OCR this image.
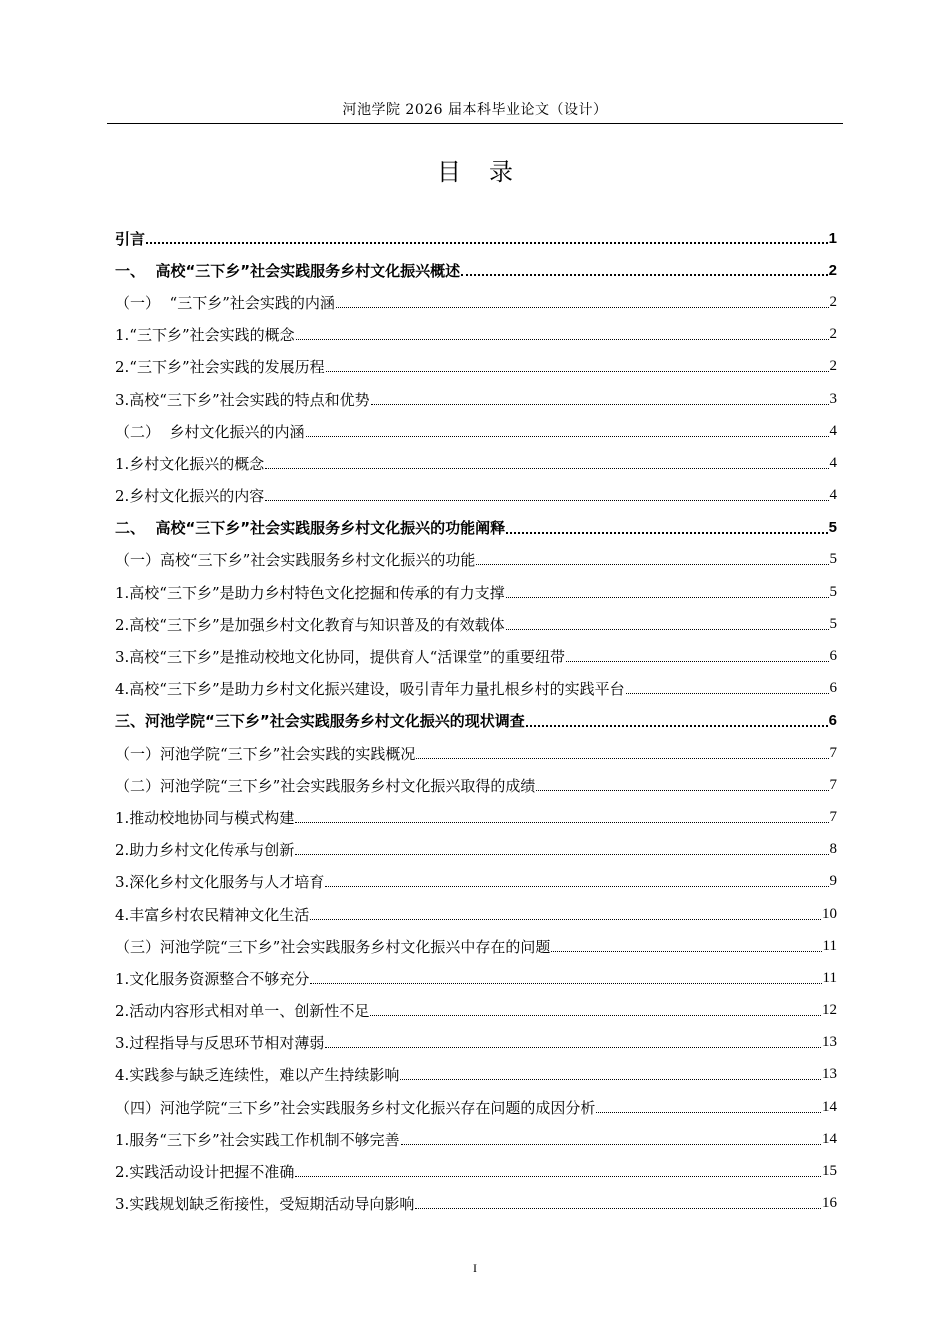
河池学院 2026 届本科毕业论文（设计）
目录
引言	1
一、  高校“三下乡”社会实践服务乡村文化振兴概述	2
（一）  “三下乡”社会实践的内涵	2
1.“三下乡”社会实践的概念	2
2.“三下乡”社会实践的发展历程	2
3.高校“三下乡”社会实践的特点和优势	3
（二）  乡村文化振兴的内涵	4
1.乡村文化振兴的概念	4
2.乡村文化振兴的内容	4
二、  高校“三下乡”社会实践服务乡村文化振兴的功能阐释	5
（一）高校“三下乡”社会实践服务乡村文化振兴的功能	5
1.高校“三下乡”是助力乡村特色文化挖掘和传承的有力支撑	5
2.高校“三下乡”是加强乡村文化教育与知识普及的有效载体	5
3.高校“三下乡”是推动校地文化协同，提供育人“活课堂”的重要纽带	6
4.高校“三下乡”是助力乡村文化振兴建设，吸引青年力量扎根乡村的实践平台	6
三、河池学院“三下乡”社会实践服务乡村文化振兴的现状调查	6
（一）河池学院“三下乡”社会实践的实践概况	7
（二）河池学院“三下乡”社会实践服务乡村文化振兴取得的成绩	7
1.推动校地协同与模式构建	7
2.助力乡村文化传承与创新	8
3.深化乡村文化服务与人才培育	9
4.丰富乡村农民精神文化生活	10
（三）河池学院“三下乡”社会实践服务乡村文化振兴中存在的问题	11
1.文化服务资源整合不够充分	11
2.活动内容形式相对单一、创新性不足	12
3.过程指导与反思环节相对薄弱	13
4.实践参与缺乏连续性，难以产生持续影响	13
（四）河池学院“三下乡”社会实践服务乡村文化振兴存在问题的成因分析	14
1.服务“三下乡”社会实践工作机制不够完善	14
2.实践活动设计把握不准确	15
3.实践规划缺乏衔接性，受短期活动导向影响	16
I
